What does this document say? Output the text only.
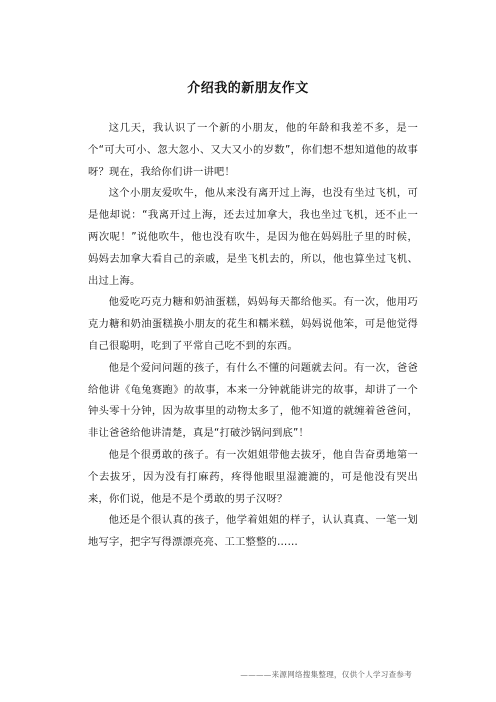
介绍我的新朋友作文

这几天，我认识了一个新的小朋友，他的年龄和我差不多，是一个“可大可小、忽大忽小、又大又小的岁数”，你们想不想知道他的故事呀？现在，我给你们讲一讲吧！

这个小朋友爱吹牛，他从来没有离开过上海，也没有坐过飞机，可是他却说：“我离开过上海，还去过加拿大，我也坐过飞机，还不止一两次呢！”说他吹牛，他也没有吹牛，是因为他在妈妈肚子里的时候，妈妈去加拿大看自己的亲戚，是坐飞机去的，所以，他也算坐过飞机、出过上海。

他爱吃巧克力糖和奶油蛋糕，妈妈每天都给他买。有一次，他用巧克力糖和奶油蛋糕换小朋友的花生和糯米糕，妈妈说他笨，可是他觉得自己很聪明，吃到了平常自己吃不到的东西。

他是个爱问问题的孩子，有什么不懂的问题就去问。有一次，爸爸给他讲《龟兔赛跑》的故事，本来一分钟就能讲完的故事，却讲了一个钟头零十分钟，因为故事里的动物太多了，他不知道的就缠着爸爸问，非让爸爸给他讲清楚，真是“打破沙锅问到底”！

他是个很勇敢的孩子。有一次姐姐带他去拔牙，他自告奋勇地第一个去拔牙，因为没有打麻药，疼得他眼里湿漉漉的，可是他没有哭出来，你们说，他是不是个勇敢的男子汉呀？

他还是个很认真的孩子，他学着姐姐的样子，认认真真、一笔一划地写字，把字写得漂漂亮亮、工工整整的……

————来源网络搜集整理，仅供个人学习查参考
